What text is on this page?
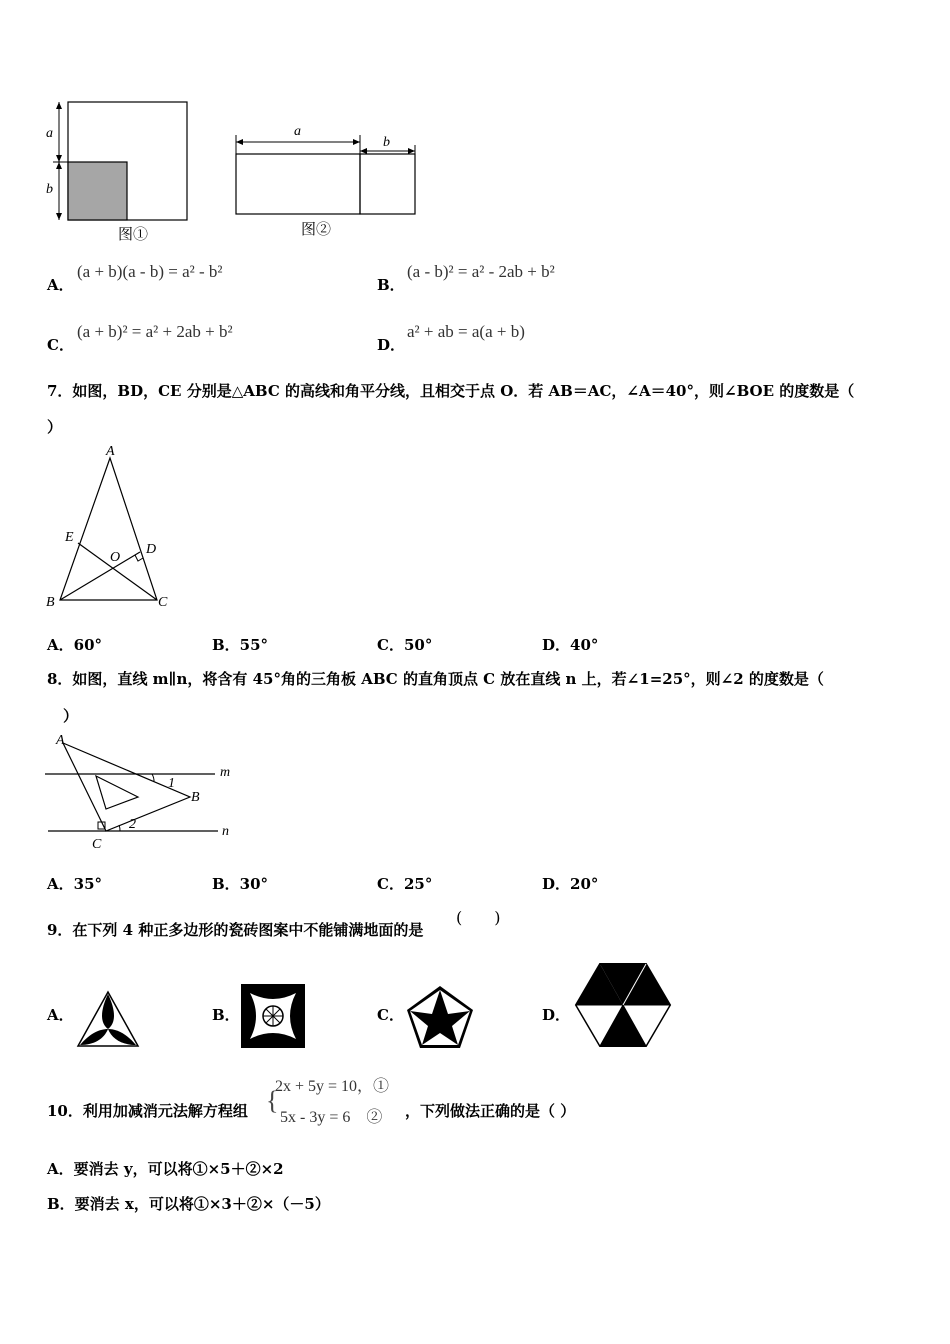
a
b
图①
a
b
图②
A．
(a + b)(a - b) = a² - b²
B．
(a - b)² = a² - 2ab + b²
C．
(a + b)² = a² + 2ab + b²
D．
a² + ab = a(a + b)
7．如图，BD，CE 分别是△ABC 的高线和角平分线，且相交于点 O．若 AB＝AC，∠A＝40°，则∠BOE 的度数是（
）
A
B	C
D
E
O
A．60°	B．55°	C．50°	D．40°
8．如图，直线 m∥n，将含有 45°角的三角板 ABC 的直角顶点 C 放在直线 n 上，若∠1=25°，则∠2 的度数是（
）
A
B
C
m
n
1
2
A．35°	B．30°	C．25°	D．20°
9．在下列 4 种正多边形的瓷砖图案中不能铺满地面的是
(　　)
A．	B．	C．	D．
10．利用加减消元法解方程组 {
2x + 5y = 10，①
5x - 3y = 6　② ，下列做法正确的是（ ）
A．要消去 y，可以将①×5＋②×2
B．要消去 x，可以将①×3＋②×（－5）
